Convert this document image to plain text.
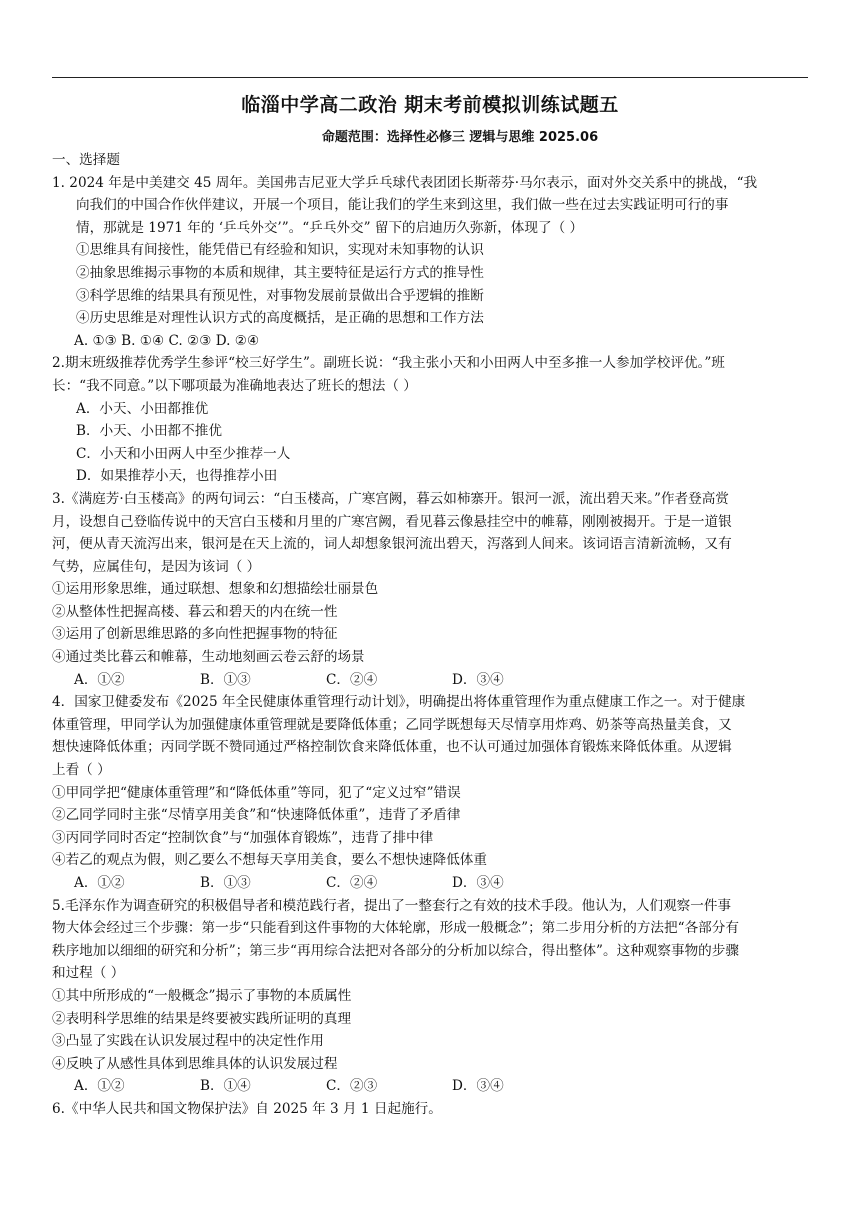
临淄中学高二政治 期末考前模拟训练试题五
命题范围：选择性必修三 逻辑与思维 2025.06
一、选择题
1. 2024 年是中美建交 45 周年。美国弗吉尼亚大学乒乓球代表团团长斯蒂芬·马尔表示，面对外交关系中的挑战，“我
向我们的中国合作伙伴建议，开展一个项目，能让我们的学生来到这里，我们做一些在过去实践证明可行的事
情，那就是 1971 年的 ‘乒乓外交’”。“乒乓外交” 留下的启迪历久弥新，体现了（ ）
①思维具有间接性，能凭借已有经验和知识，实现对未知事物的认识
②抽象思维揭示事物的本质和规律，其主要特征是运行方式的推导性
③科学思维的结果具有预见性，对事物发展前景做出合乎逻辑的推断
④历史思维是对理性认识方式的高度概括，是正确的思想和工作方法
A. ①③ B. ①④ C. ②③ D. ②④
2.期末班级推荐优秀学生参评“校三好学生”。副班长说：“我主张小天和小田两人中至多推一人参加学校评优。”班
长：“我不同意。”以下哪项最为准确地表达了班长的想法（ ）
A．小天、小田都推优
B．小天、小田都不推优
C．小天和小田两人中至少推荐一人
D．如果推荐小天，也得推荐小田
3.《满庭芳·白玉楼高》的两句词云：“白玉楼高，广寒宫阙，暮云如柿寨开。银河一派，流出碧天来。”作者登高赏
月，设想自己登临传说中的天宫白玉楼和月里的广寒宫阙，看见暮云像悬挂空中的帷幕，刚刚被揭开。于是一道银
河，便从青天流泻出来，银河是在天上流的，词人却想象银河流出碧天，泻落到人间来。该词语言清新流畅，又有
气势，应属佳句，是因为该词（ ）
①运用形象思维，通过联想、想象和幻想描绘壮丽景色
②从整体性把握高楼、暮云和碧天的内在统一性
③运用了创新思维思路的多向性把握事物的特征
④通过类比暮云和帷幕，生动地刻画云卷云舒的场景
A．①②	B．①③	C．②④	D．③④
4．国家卫健委发布《2025 年全民健康体重管理行动计划》，明确提出将体重管理作为重点健康工作之一。对于健康
体重管理，甲同学认为加强健康体重管理就是要降低体重；乙同学既想每天尽情享用炸鸡、奶茶等高热量美食，又
想快速降低体重；丙同学既不赞同通过严格控制饮食来降低体重，也不认可通过加强体育锻炼来降低体重。从逻辑
上看（ ）
①甲同学把“健康体重管理”和“降低体重”等同，犯了“定义过窄”错误
②乙同学同时主张“尽情享用美食”和“快速降低体重”，违背了矛盾律
③丙同学同时否定“控制饮食”与“加强体育锻炼”，违背了排中律
④若乙的观点为假，则乙要么不想每天享用美食，要么不想快速降低体重
A．①②	B．①③	C．②④	D．③④
5.毛泽东作为调查研究的积极倡导者和模范践行者，提出了一整套行之有效的技术手段。他认为，人们观察一件事
物大体会经过三个步骤：第一步“只能看到这件事物的大体轮廓，形成一般概念”；第二步用分析的方法把“各部分有
秩序地加以细细的研究和分析”；第三步“再用综合法把对各部分的分析加以综合，得出整体”。这种观察事物的步骤
和过程（ ）
①其中所形成的“一般概念”揭示了事物的本质属性
②表明科学思维的结果是终要被实践所证明的真理
③凸显了实践在认识发展过程中的决定性作用
④反映了从感性具体到思维具体的认识发展过程
A．①②	B．①④	C．②③	D．③④
6.《中华人民共和国文物保护法》自 2025 年 3 月 1 日起施行。
